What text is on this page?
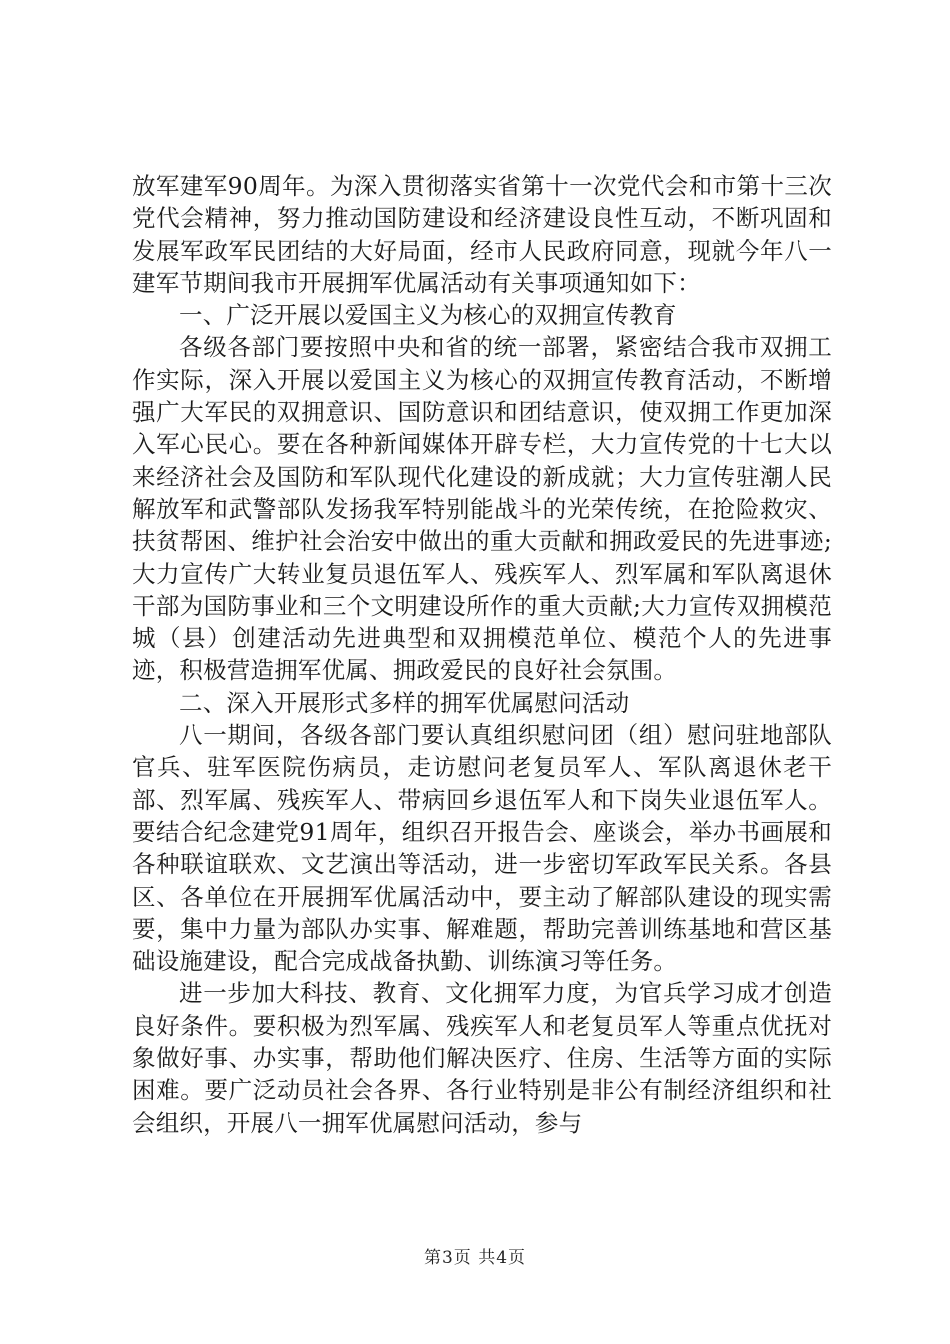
放军建军90周年。为深入贯彻落实省第十一次党代会和市第十三次党代会精神，努力推动国防建设和经济建设良性互动，不断巩固和发展军政军民团结的大好局面，经市人民政府同意，现就今年八一建军节期间我市开展拥军优属活动有关事项通知如下：

一、广泛开展以爱国主义为核心的双拥宣传教育

各级各部门要按照中央和省的统一部署，紧密结合我市双拥工作实际，深入开展以爱国主义为核心的双拥宣传教育活动，不断增强广大军民的双拥意识、国防意识和团结意识，使双拥工作更加深入军心民心。要在各种新闻媒体开辟专栏，大力宣传党的十七大以来经济社会及国防和军队现代化建设的新成就；大力宣传驻潮人民解放军和武警部队发扬我军特别能战斗的光荣传统，在抢险救灾、扶贫帮困、维护社会治安中做出的重大贡献和拥政爱民的先进事迹;大力宣传广大转业复员退伍军人、残疾军人、烈军属和军队离退休干部为国防事业和三个文明建设所作的重大贡献;大力宣传双拥模范城（县）创建活动先进典型和双拥模范单位、模范个人的先进事迹，积极营造拥军优属、拥政爱民的良好社会氛围。

二、深入开展形式多样的拥军优属慰问活动

八一期间，各级各部门要认真组织慰问团（组）慰问驻地部队官兵、驻军医院伤病员，走访慰问老复员军人、军队离退休老干部、烈军属、残疾军人、带病回乡退伍军人和下岗失业退伍军人。要结合纪念建党91周年，组织召开报告会、座谈会，举办书画展和各种联谊联欢、文艺演出等活动，进一步密切军政军民关系。各县区、各单位在开展拥军优属活动中，要主动了解部队建设的现实需要，集中力量为部队办实事、解难题，帮助完善训练基地和营区基础设施建设，配合完成战备执勤、训练演习等任务。

进一步加大科技、教育、文化拥军力度，为官兵学习成才创造良好条件。要积极为烈军属、残疾军人和老复员军人等重点优抚对象做好事、办实事，帮助他们解决医疗、住房、生活等方面的实际困难。要广泛动员社会各界、各行业特别是非公有制经济组织和社会组织，开展八一拥军优属慰问活动，参与

第3页 共4页
